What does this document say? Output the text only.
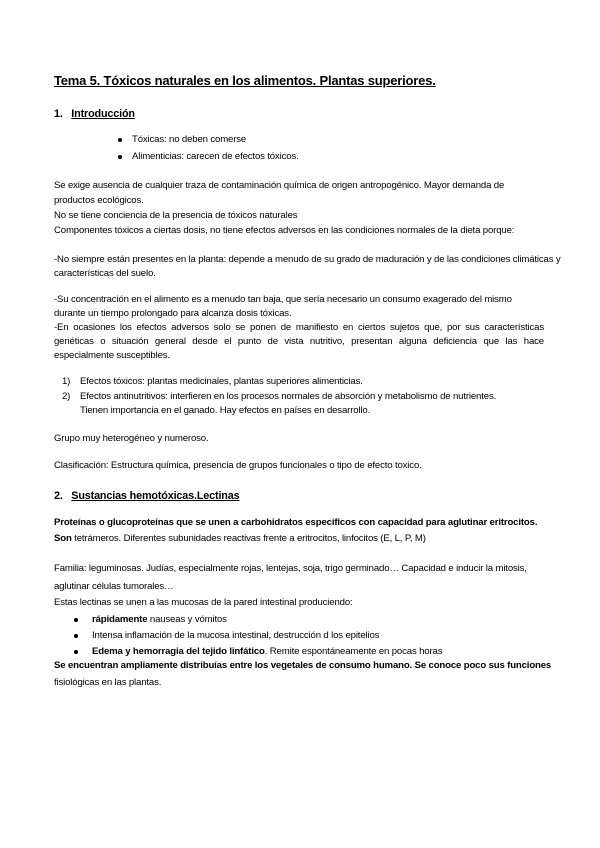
Tema 5. Tóxicos naturales en los alimentos. Plantas superiores.
1. Introducción
Tóxicas: no deben comerse
Alimenticias: carecen de efectos tóxicos.
Se exige ausencia de cualquier traza de contaminación química de origen antropogénico. Mayor demanda de
productos ecológicos.
No se tiene conciencia de la presencia de tóxicos naturales
Componentes tóxicos a ciertas dosis, no tiene efectos adversos en las condiciones normales de la dieta porque:
-No siempre están presentes en la planta: depende a menudo de su grado de maduración y de las condiciones climáticas y
características del suelo.
-Su concentración en el alimento es a menudo tan baja, que sería necesario un consumo exagerado del mismo
durante un tiempo prolongado para alcanza dosis tóxicas.
-En ocasiones los efectos adversos solo se ponen de manifiesto en ciertos sujetos que, por sus características
genéticas o situación general desde el punto de vista nutritivo, presentan alguna deficiencia que las hace
especialmente susceptibles.
1) Efectos tóxicos: plantas medicinales, plantas superiores alimenticias.
2) Efectos antinutritivos: interfieren en los procesos normales de absorción y metabolismo de nutrientes.
Tienen importancia en el ganado. Hay efectos en países en desarrollo.
Grupo muy heterogéneo y numeroso.
Clasificación: Estructura química, presencia de grupos funcionales o tipo de efecto toxico.
2. Sustancias hemotóxicas.Lectinas
Proteínas o glucoproteínas que se unen a carbohidratos específicos con capacidad para aglutinar eritrocitos.
Son tetrámeros. Diferentes subunidades reactivas frente a eritrocitos, linfocitos (E, L, P, M)
Familia: leguminosas. Judías, especialmente rojas, lentejas, soja, trigo germinado… Capacidad e inducir la mitosis,
aglutinar células tumorales…
Estas lectinas se unen a las mucosas de la pared intestinal produciendo:
rápidamente nauseas y vómitos
Intensa inflamación de la mucosa intestinal, destrucción d los epitelios
Edema y hemorragia del tejido linfático. Remite espontáneamente en pocas horas
Se encuentran ampliamente distribuías entre los vegetales de consumo humano. Se conoce poco sus funciones
fisiológicas en las plantas.
